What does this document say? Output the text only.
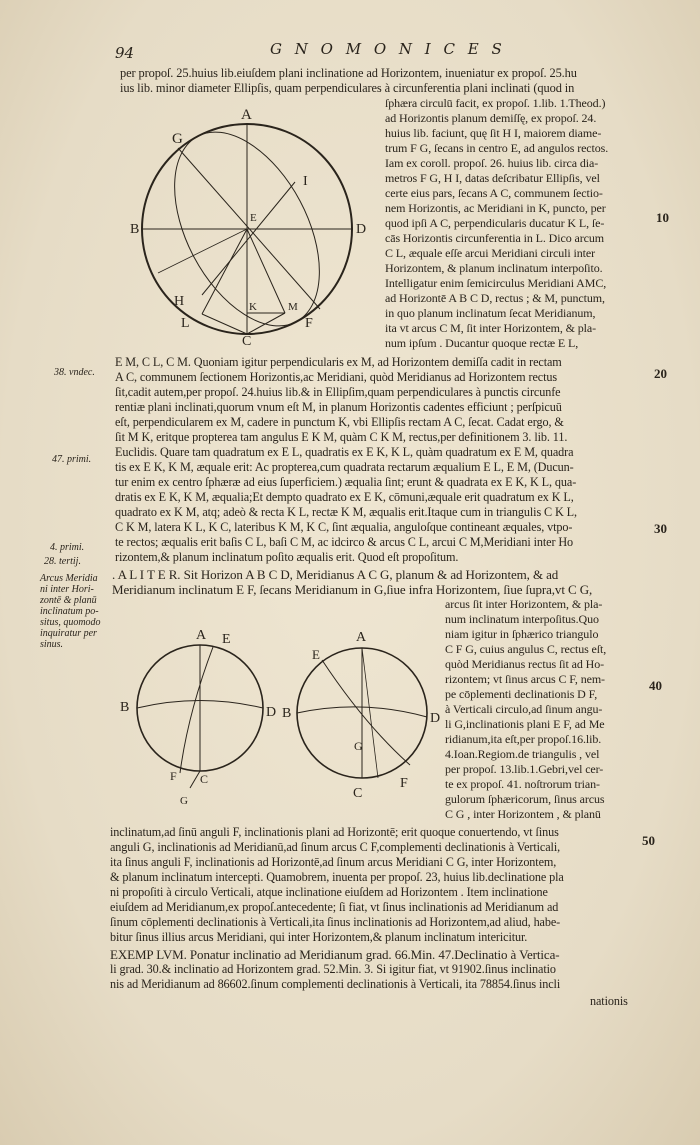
94	G N O M O N I C E S
A
G
I
B
E
D
H
L
K	M
F
C
A E
B	D
F C
G
A
E
B	D
G
F
C
10
20
30
40
50
38. vndec.
47. primi.
4. primi.
28. tertij.
Arcus Meridia
ni inter Hori-
zontē & planū
inclinatum po-
situs, quomodo
inquiratur per
sinus.
per propoſ. 25.huius lib.eiuſdem plani inclinatione ad Horizontem, inueniatur ex propoſ. 25.hu
ius lib. minor diameter Ellipſis, quam perpendiculares à circunferentia plani inclinati (quod in
ſphæra circulū facit, ex propoſ. 1.lib. 1.Theod.)
ad Horizontis planum demiſſę, ex propoſ. 24.
huius lib. faciunt, quę ſit H I, maiorem diame-
trum F G, ſecans in centro E, ad angulos rectos.
Iam ex coroll. propoſ. 26. huius lib. circa dia-
metros F G, H I, datas deſcribatur Ellipſis, vel
certe eius pars, ſecans A C, communem ſectio-
nem Horizontis, ac Meridiani in K, puncto, per
quod ipſi A C, perpendicularis ducatur K L, ſe-
cās Horizontis circunferentia in L. Dico arcum
C L, æquale eſſe arcui Meridiani circuli inter
Horizontem, & planum inclinatum interpoſito.
Intelligatur enim ſemicirculus Meridiani AMC,
ad Horizontē A B C D, rectus ; & M, punctum,
in quo planum inclinatum ſecat Meridianum,
ita vt arcus C M, ſit inter Horizontem, & pla-
num ipſum . Ducantur quoque rectæ E L,
E M, C L, C M. Quoniam igitur perpendicularis ex M, ad Horizontem demiſſa cadit in rectam
A C, communem ſectionem Horizontis,ac Meridiani, quòd Meridianus ad Horizontem rectus
ſit,cadit autem,per propoſ. 24.huius lib.& in Ellipſim,quam perpendiculares à punctis circunfe
rentiæ plani inclinati,quorum vnum eſt M, in planum Horizontis cadentes efficiunt ; perſpicuū
eſt, perpendicularem ex M, cadere in punctum K, vbi Ellipſis rectam A C, ſecat. Cadat ergo, &
ſit M K, eritque propterea tam angulus E K M, quàm C K M, rectus,per definitionem 3. lib. 11.
Euclidis. Quare tam quadratum ex E L, quadratis ex E K, K L, quàm quadratum ex E M, quadra
tis ex E K, K M, æquale erit: Ac propterea,cum quadrata rectarum æqualium E L, E M, (Ducun-
tur enim ex centro ſphæræ ad eius ſuperficiem.) æqualia ſint; erunt & quadrata ex E K, K L, qua-
dratis ex E K, K M, æqualia;Et dempto quadrato ex E K, cōmuni,æquale erit quadratum ex K L,
quadrato ex K M, atq; adeò & recta K L, rectæ K M, æqualis erit.Itaque cum in triangulis C K L,
C K M, latera K L, K C, lateribus K M, K C, ſint æqualia, anguloſque contineant æquales, vtpo-
te rectos; æqualis erit baſis C L, baſi C M, ac idcirco & arcus C L, arcui C M,Meridiani inter Ho
rizontem,& planum inclinatum poſito æqualis erit. Quod eſt propoſitum.
. A L I T E R. Sit Horizon A B C D, Meridianus A C G, planum & ad Horizontem, & ad
Meridianum inclinatum E F, ſecans Meridianum in G,ſiue infra Horizontem, ſiue ſupra,vt C G,
arcus ſit inter Horizontem, & pla-
num inclinatum interpoſitus.Quo
niam igitur in ſphærico triangulo
C F G, cuius angulus C, rectus eſt,
quòd Meridianus rectus ſit ad Ho-
rizontem; vt ſinus arcus C F, nem-
pe cōplementi declinationis D F,
à Verticali circulo,ad ſinum angu-
li G,inclinationis plani E F, ad Me
ridianum,ita eſt,per propoſ.16.lib.
4.Ioan.Regiom.de triangulis , vel
per propoſ. 13.lib.1.Gebri,vel cer-
te ex propoſ. 41. noſtrorum trian-
gulorum ſphæricorum, ſinus arcus
C G , inter Horizontem , & planū
inclinatum,ad ſinū anguli F, inclinationis plani ad Horizontē; erit quoque conuertendo, vt ſinus
anguli G, inclinationis ad Meridianū,ad ſinum arcus C F,complementi declinationis à Verticali,
ita ſinus anguli F, inclinationis ad Horizontē,ad ſinum arcus Meridiani C G, inter Horizontem,
& planum inclinatum intercepti. Quamobrem, inuenta per propoſ. 23, huius lib.declinatione pla
ni propoſiti à circulo Verticali, atque inclinatione eiuſdem ad Horizontem . Item inclinatione
eiuſdem ad Meridianum,ex propoſ.antecedente; ſi fiat, vt ſinus inclinationis ad Meridianum ad
ſinum cōplementi declinationis à Verticali,ita ſinus inclinationis ad Horizontem,ad aliud, habe-
bitur ſinus illius arcus Meridiani, qui inter Horizontem,& planum inclinatum intericitur.
EXEMP LVM. Ponatur inclinatio ad Meridianum grad. 66.Min. 47.Declinatio à Vertica-
li grad. 30.& inclinatio ad Horizontem grad. 52.Min. 3. Si igitur fiat, vt 91902.ſinus inclinatio
nis ad Meridianum ad 86602.ſinum complementi declinationis à Verticali, ita 78854.ſinus incli
nationis
